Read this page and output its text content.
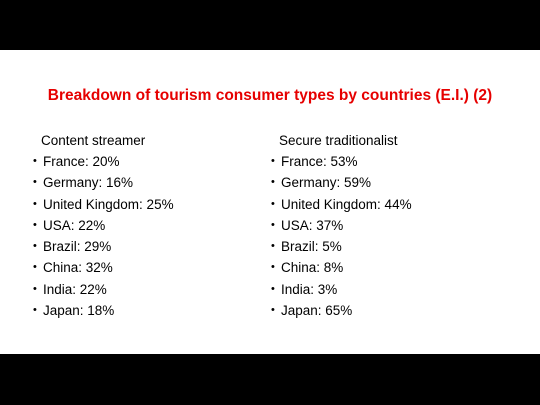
Breakdown of tourism consumer types by countries (E.I.) (2)
Content streamer
• France: 20%
• Germany: 16%
• United Kingdom: 25%
• USA: 22%
• Brazil: 29%
• China: 32%
• India: 22%
• Japan: 18%
Secure traditionalist
• France: 53%
• Germany: 59%
• United Kingdom: 44%
• USA: 37%
• Brazil: 5%
• China: 8%
• India: 3%
• Japan: 65%
